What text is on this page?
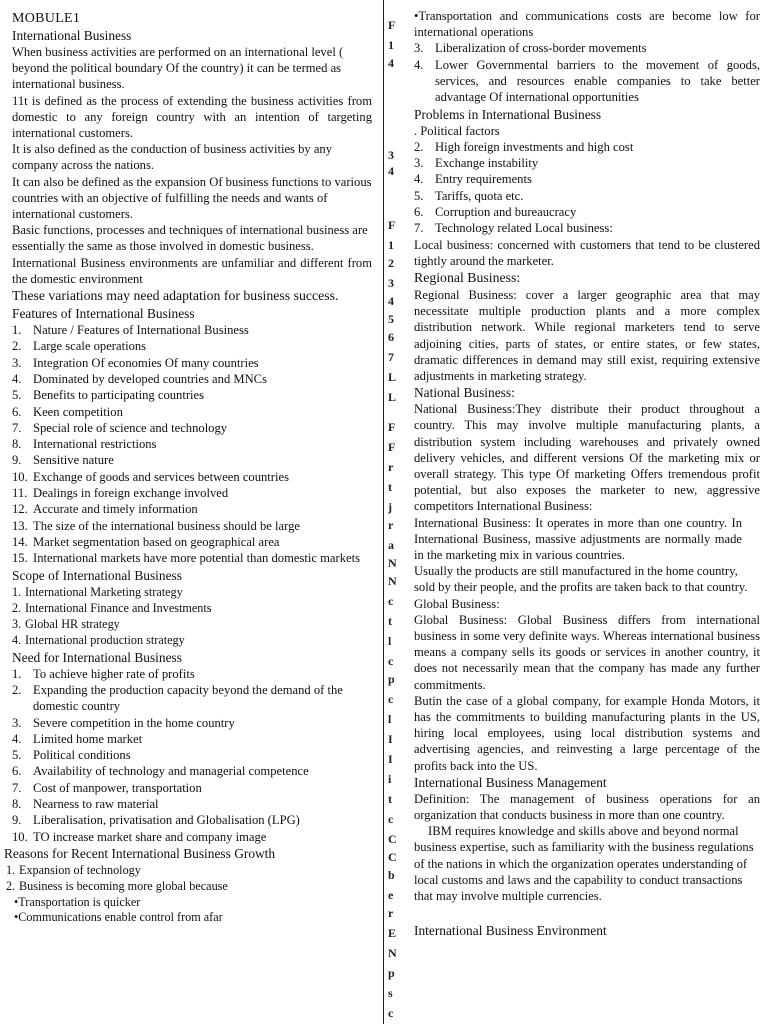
F
1
4
3
4
F
1
2
3
4
5
6
7
L
L
F
F
r
t
j
r
a
N
N
c
t
l
c
p
c
l
I
I
i
t
c
C
C
b
e
r
E
N
p
s
c
MOBULE1

International Business

When business activities are performed on an international level ( beyond the political boundary Of the country) it can be termed as international business.

11t is defined as the process of extending the business activities from domestic to any foreign country with an intention of targeting international customers.

It is also defined as the conduction of business activities by any company across the nations.

It can also be defined as the expansion Of business functions to various countries with an objective of fulfilling the needs and wants of international customers.

Basic functions, processes and techniques of international business are essentially the same as those involved in domestic business.

International Business environments are unfamiliar and different from the domestic environment

These variations may need adaptation for business success.

Features of International Business

1. Nature / Features of International Business
2. Large scale operations
3. Integration Of economies Of many countries
4. Dominated by developed countries and MNCs
5. Benefits to participating countries
6. Keen competition
7. Special role of science and technology
8. International restrictions
9. Sensitive nature
10. Exchange of goods and services between countries
11. Dealings in foreign exchange involved
12. Accurate and timely information
13. The size of the international business should be large
14. Market segmentation based on geographical area
15. International markets have more potential than domestic markets

Scope of International Business

1. International Marketing strategy
2. International Finance and Investments
3. Global HR strategy
4. International production strategy

Need for International Business

1. To achieve higher rate of profits
2. Expanding the production capacity beyond the demand of the domestic country
3. Severe competition in the home country
4. Limited home market
5. Political conditions
6. Availability of technology and managerial competence
7. Cost of manpower, transportation
8. Nearness to raw material
9. Liberalisation, privatisation and Globalisation (LPG)
10. TO increase market share and company image

Reasons for Recent International Business Growth

1. Expansion of technology
2. Business is becoming more global because
•Transportation is quicker
•Communications enable control from afar

•Transportation and communications costs are become low for international operations

3. Liberalization of cross-border movements
4. Lower Governmental barriers to the movement of goods, services, and resources enable companies to take better advantage Of international opportunities

Problems in International Business

. Political factors

2. High foreign investments and high cost
3. Exchange instability
4. Entry requirements
5. Tariffs, quota etc.
6. Corruption and bureaucracy
7. Technology related Local business:

Local business: concerned with customers that tend to be clustered tightly around the marketer.

Regional Business:

Regional Business: cover a larger geographic area that may necessitate multiple production plants and a more complex distribution network. While regional marketers tend to serve adjoining cities, parts of states, or entire states, or few states, dramatic differences in demand may still exist, requiring extensive adjustments in marketing strategy.

National Business:

National Business:They distribute their product throughout a country. This may involve multiple manufacturing plants, a distribution system including warehouses and privately owned delivery vehicles, and different versions Of the marketing mix or overall strategy. This type Of marketing Offers tremendous profit potential, but also exposes the marketer to new, aggressive competitors International Business:

International Business: It operates in more than one country. In International Business, massive adjustments are normally made in the marketing mix in various countries.

Usually the products are still manufactured in the home country, sold by their people, and the profits are taken back to that country. Global Business:

Global Business: Global Business differs from international business in some very definite ways. Whereas international business means a company sells its goods or services in another country, it does not necessarily mean that the company has made any further commitments.

Butin the case of a global company, for example Honda Motors, it has the commitments to building manufacturing plants in the US, hiring local employees, using local distribution systems and advertising agencies, and reinvesting a large percentage of the profits back into the US.

International Business Management

Definition: The management of business operations for an organization that conducts business in more than one country.

IBM requires knowledge and skills above and beyond normal business expertise, such as familiarity with the business regulations of the nations in which the organization operates understanding of local customs and laws and the capability to conduct transactions that may involve multiple currencies.

International Business Environment
